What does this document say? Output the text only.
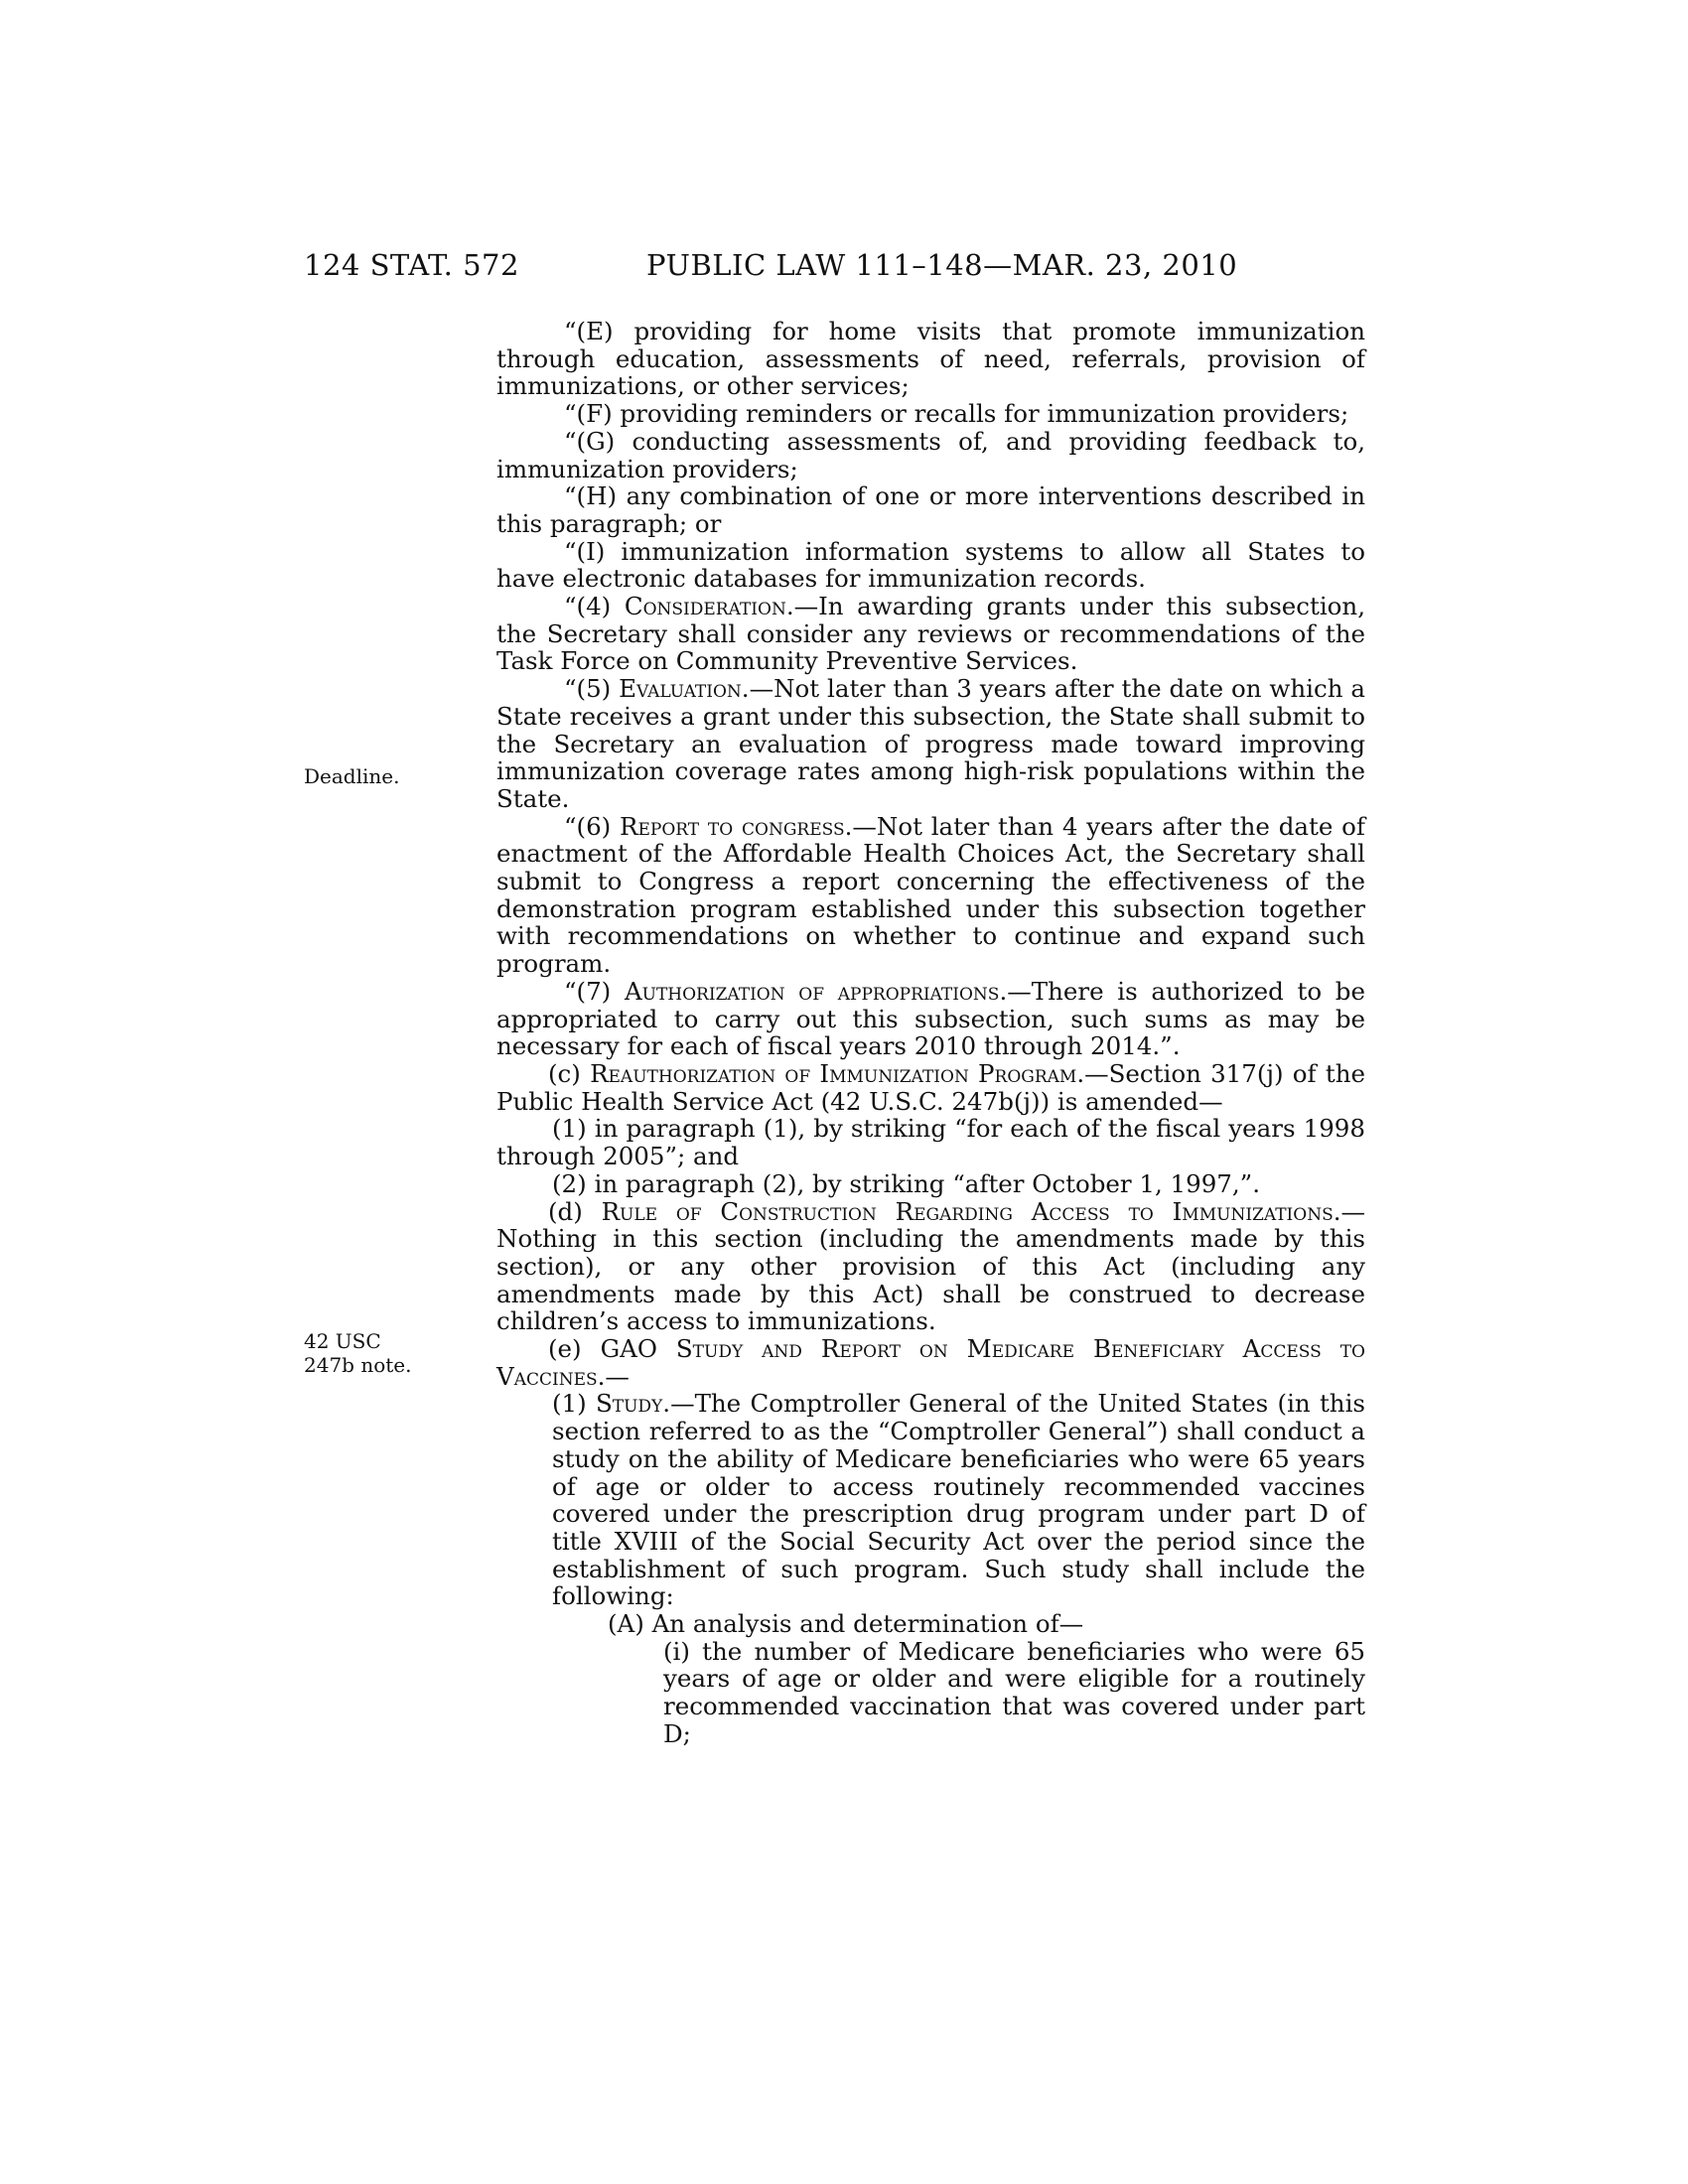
124 STAT. 572	PUBLIC LAW 111–148—MAR. 23, 2010
Deadline.
42 USC 247b note.

“(E) providing for home visits that promote immunization through education, assessments of need, referrals, provision of immunizations, or other services;

“(F) providing reminders or recalls for immunization providers;

“(G) conducting assessments of, and providing feedback to, immunization providers;

“(H) any combination of one or more interventions described in this paragraph; or

“(I) immunization information systems to allow all States to have electronic databases for immunization records.

“(4) Consideration.—In awarding grants under this subsection, the Secretary shall consider any reviews or recommendations of the Task Force on Community Preventive Services.

“(5) Evaluation.—Not later than 3 years after the date on which a State receives a grant under this subsection, the State shall submit to the Secretary an evaluation of progress made toward improving immunization coverage rates among high-risk populations within the State.

“(6) Report to congress.—Not later than 4 years after the date of enactment of the Affordable Health Choices Act, the Secretary shall submit to Congress a report concerning the effectiveness of the demonstration program established under this subsection together with recommendations on whether to continue and expand such program.

“(7) Authorization of appropriations.—There is authorized to be appropriated to carry out this subsection, such sums as may be necessary for each of fiscal years 2010 through 2014.”.

(c) Reauthorization of Immunization Program.—Section 317(j) of the Public Health Service Act (42 U.S.C. 247b(j)) is amended—

(1) in paragraph (1), by striking “for each of the fiscal years 1998 through 2005”; and

(2) in paragraph (2), by striking “after October 1, 1997,”.

(d) Rule of Construction Regarding Access to Immunizations.—Nothing in this section (including the amendments made by this section), or any other provision of this Act (including any amendments made by this Act) shall be construed to decrease children’s access to immunizations.

(e) GAO Study and Report on Medicare Beneficiary Access to Vaccines.—

(1) Study.—The Comptroller General of the United States (in this section referred to as the “Comptroller General”) shall conduct a study on the ability of Medicare beneficiaries who were 65 years of age or older to access routinely recommended vaccines covered under the prescription drug program under part D of title XVIII of the Social Security Act over the period since the establishment of such program. Such study shall include the following:

(A) An analysis and determination of—

(i) the number of Medicare beneficiaries who were 65 years of age or older and were eligible for a routinely recommended vaccination that was covered under part D;
